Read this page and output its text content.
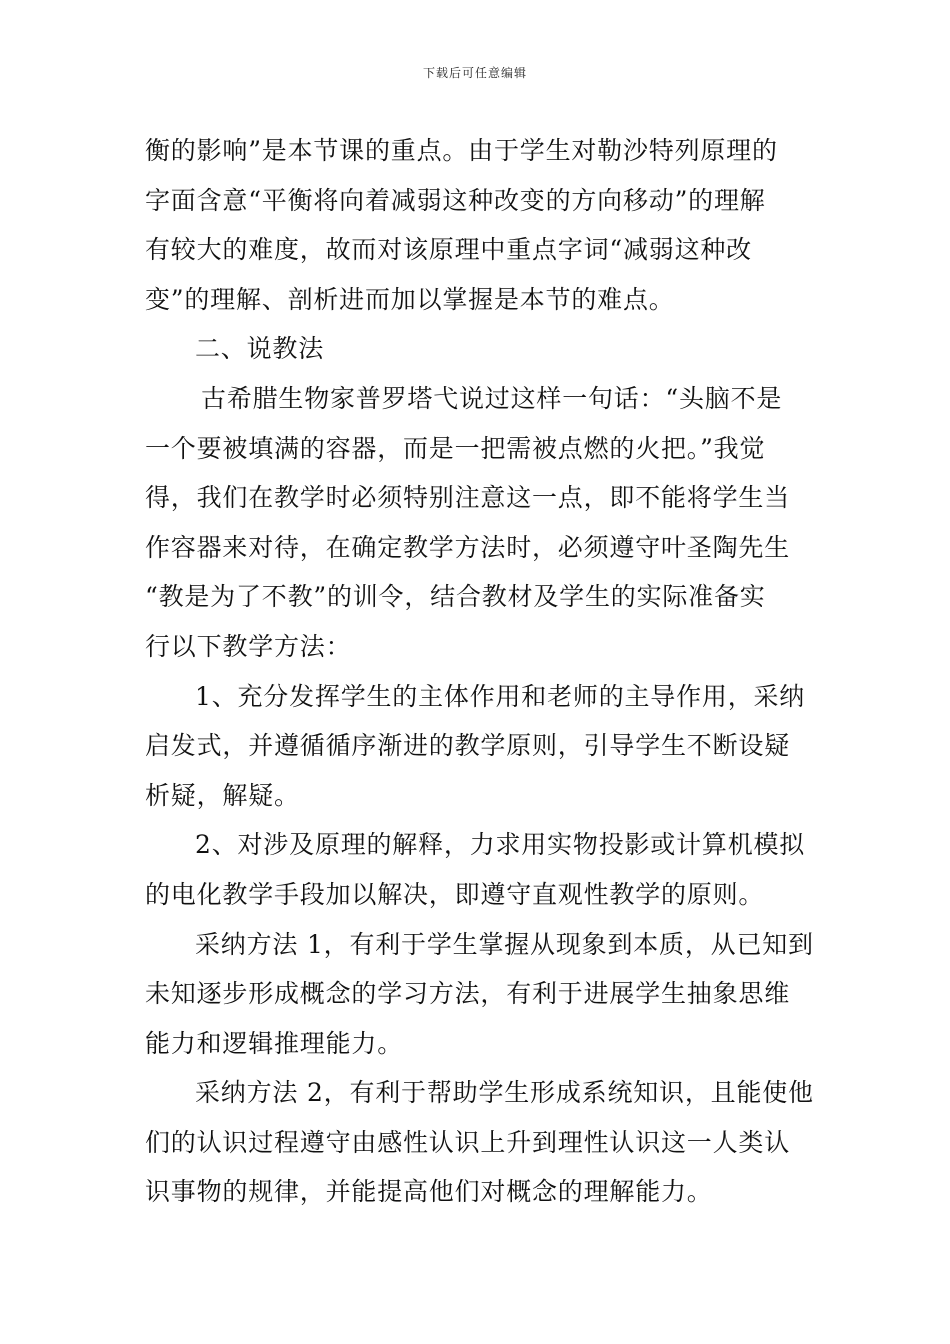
下载后可任意编辑
衡的影响”是本节课的重点。由于学生对勒沙特列原理的
字面含意“平衡将向着减弱这种改变的方向移动”的理解
有较大的难度，故而对该原理中重点字词“减弱这种改
变”的理解、剖析进而加以掌握是本节的难点。
二、说教法
古希腊生物家普罗塔弋说过这样一句话：“头脑不是
一个要被填满的容器，而是一把需被点燃的火把。”我觉
得，我们在教学时必须特别注意这一点，即不能将学生当
作容器来对待，在确定教学方法时，必须遵守叶圣陶先生
“教是为了不教”的训令，结合教材及学生的实际准备实
行以下教学方法：
1、充分发挥学生的主体作用和老师的主导作用，采纳
启发式，并遵循循序渐进的教学原则，引导学生不断设疑
析疑，解疑。
2、对涉及原理的解释，力求用实物投影或计算机模拟
的电化教学手段加以解决，即遵守直观性教学的原则。
采纳方法 1，有利于学生掌握从现象到本质，从已知到
未知逐步形成概念的学习方法，有利于进展学生抽象思维
能力和逻辑推理能力。
采纳方法 2，有利于帮助学生形成系统知识，且能使他
们的认识过程遵守由感性认识上升到理性认识这一人类认
识事物的规律，并能提高他们对概念的理解能力。
